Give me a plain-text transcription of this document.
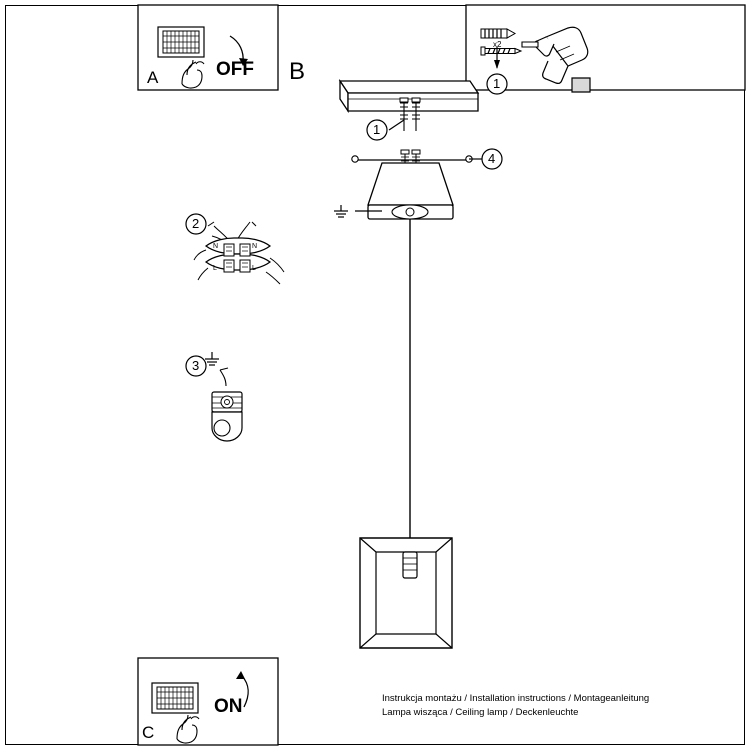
B
A	OFF
C
ON
1
1
2
3
4
x2
N
L
N
L
Instrukcja montażu / Installation instructions / Montageanleitung
Lampa wisząca / Ceiling lamp / Deckenleuchte
